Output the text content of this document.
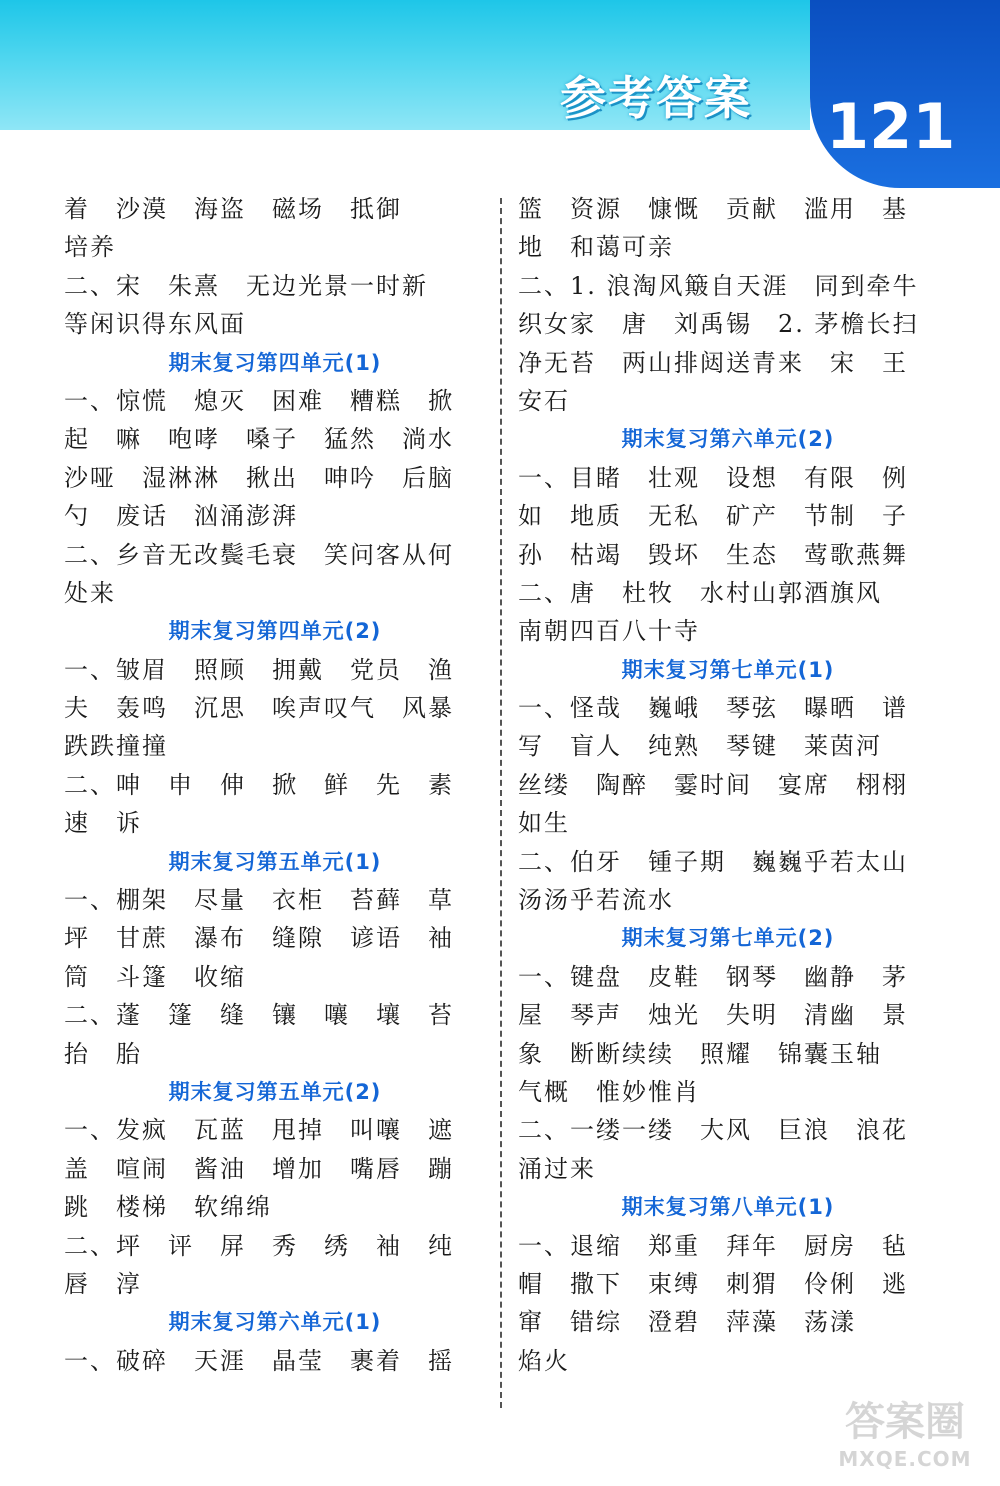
参考答案 121
着　沙漠　海盗　磁场　抵御
培养
二、宋　朱熹　无边光景一时新
等闲识得东风面
期末复习第四单元(1)
一、惊慌　熄灭　困难　糟糕　掀
起　嘛　咆哮　嗓子　猛然　淌水
沙哑　湿淋淋　揪出　呻吟　后脑
勺　废话　汹涌澎湃
二、乡音无改鬓毛衰　笑问客从何
处来
期末复习第四单元(2)
一、皱眉　照顾　拥戴　党员　渔
夫　轰鸣　沉思　唉声叹气　风暴
跌跌撞撞
二、呻　申　伸　掀　鲜　先　素
速　诉
期末复习第五单元(1)
一、棚架　尽量　衣柜　苔藓　草
坪　甘蔗　瀑布　缝隙　谚语　袖
筒　斗篷　收缩
二、蓬　篷　缝　镶　嚷　壤　苔
抬　胎
期末复习第五单元(2)
一、发疯　瓦蓝　甩掉　叫嚷　遮
盖　喧闹　酱油　增加　嘴唇　蹦
跳　楼梯　软绵绵
二、坪　评　屏　秀　绣　袖　纯
唇　淳
期末复习第六单元(1)
一、破碎　天涯　晶莹　裹着　摇
篮　资源　慷慨　贡献　滥用　基
地　和蔼可亲
二、1. 浪淘风簸自天涯　同到牵牛
织女家　唐　刘禹锡　2. 茅檐长扫
净无苔　两山排闼送青来　宋　王
安石
期末复习第六单元(2)
一、目睹　壮观　设想　有限　例
如　地质　无私　矿产　节制　子
孙　枯竭　毁坏　生态　莺歌燕舞
二、唐　杜牧　水村山郭酒旗风
南朝四百八十寺
期末复习第七单元(1)
一、怪哉　巍峨　琴弦　曝晒　谱
写　盲人　纯熟　琴键　莱茵河
丝缕　陶醉　霎时间　宴席　栩栩
如生
二、伯牙　锺子期　巍巍乎若太山
汤汤乎若流水
期末复习第七单元(2)
一、键盘　皮鞋　钢琴　幽静　茅
屋　琴声　烛光　失明　清幽　景
象　断断续续　照耀　锦囊玉轴
气概　惟妙惟肖
二、一缕一缕　大风　巨浪　浪花
涌过来
期末复习第八单元(1)
一、退缩　郑重　拜年　厨房　毡
帽　撒下　束缚　刺猬　伶俐　逃
窜　错综　澄碧　萍藻　荡漾
焰火
答案圈
MXQE.COM
